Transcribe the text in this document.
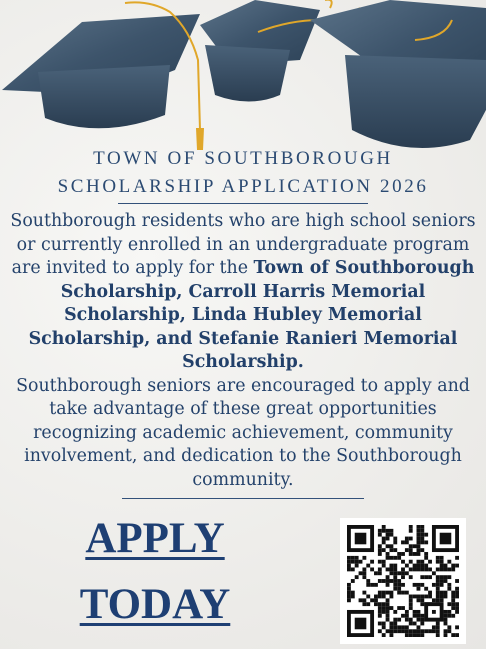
TOWN OF SOUTHBOROUGH
SCHOLARSHIP APPLICATION 2026
Southborough residents who are high school seniors or currently enrolled in an undergraduate program are invited to apply for the Town of Southborough Scholarship, Carroll Harris Memorial Scholarship, Linda Hubley Memorial Scholarship, and Stefanie Ranieri Memorial Scholarship.
Southborough seniors are encouraged to apply and take advantage of these great opportunities recognizing academic achievement, community involvement, and dedication to the Southborough community.
APPLY
TODAY
